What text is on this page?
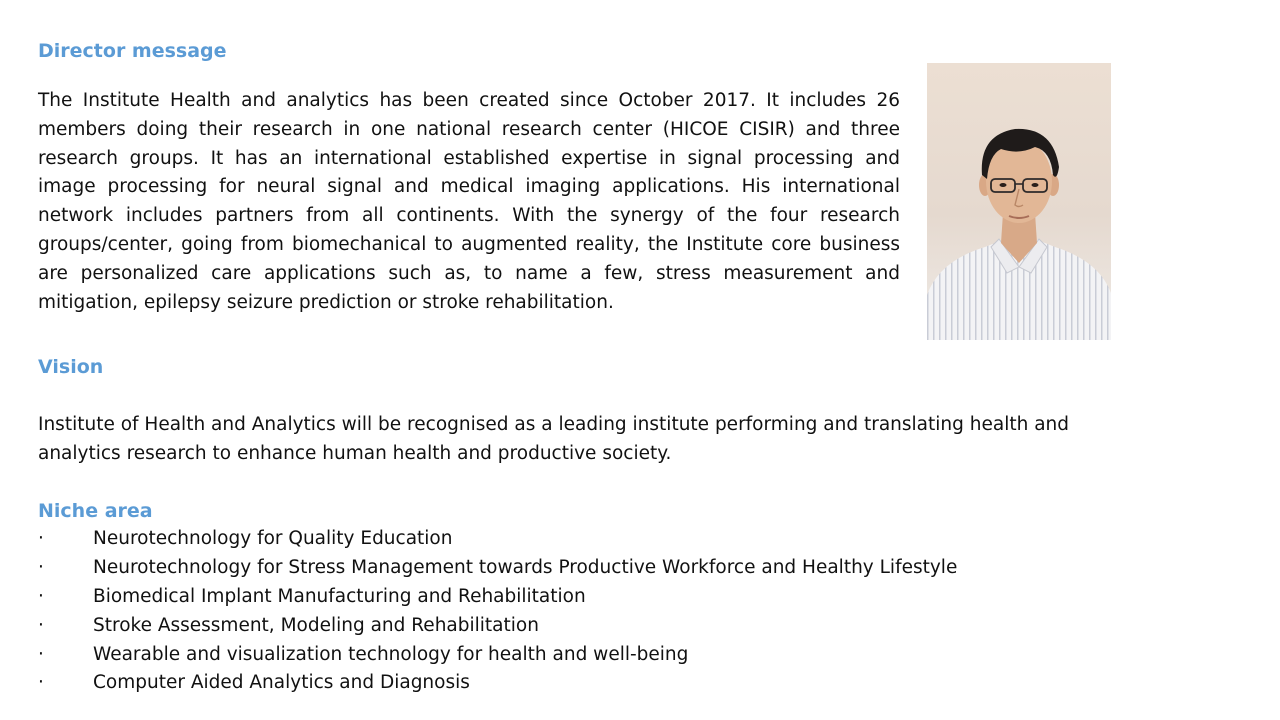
Director message

The Institute Health and analytics has been created since October 2017. It includes 26 members doing their research in one national research center (HICOE CISIR) and three research groups. It has an international established expertise in signal processing and image processing for neural signal and medical imaging applications. His international network includes partners from all continents. With the synergy of the four research groups/center, going from biomechanical to augmented reality, the Institute core business are personalized care applications such as, to name a few, stress measurement and mitigation, epilepsy seizure prediction or stroke rehabilitation.

Vision

Institute of Health and Analytics will be recognised as a leading institute performing and translating health and analytics research to enhance human health and productive society.

Niche area
·	Neurotechnology for Quality Education
·	Neurotechnology for Stress Management towards Productive Workforce and Healthy Lifestyle
·	Biomedical Implant Manufacturing and Rehabilitation
·	Stroke Assessment, Modeling and Rehabilitation
·	Wearable and visualization technology for health and well-being
·	Computer Aided Analytics and Diagnosis
